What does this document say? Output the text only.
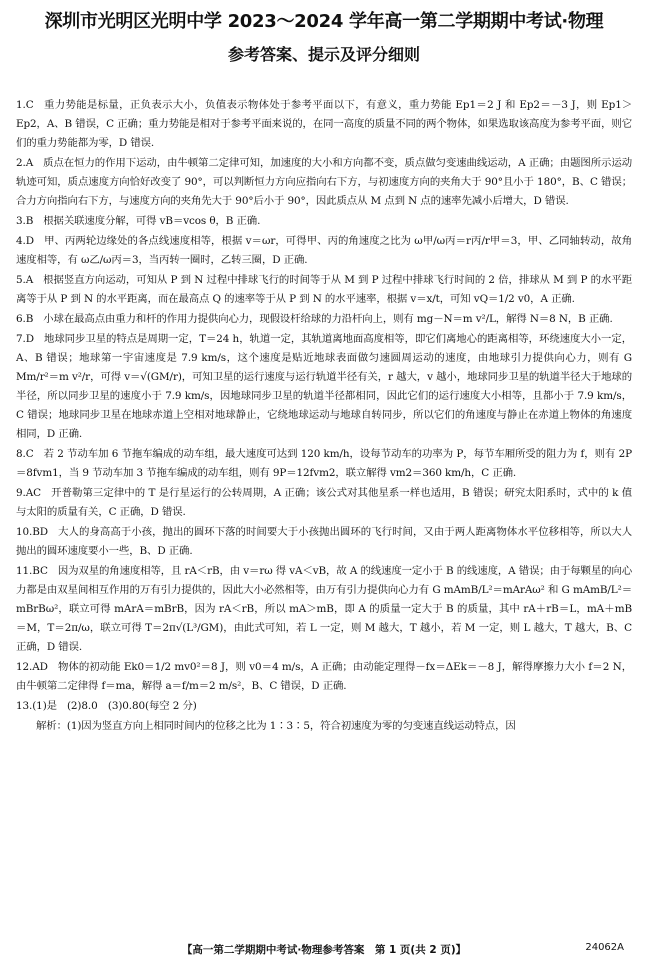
深圳市光明区光明中学 2023～2024 学年高一第二学期期中考试·物理
参考答案、提示及评分细则
1.C 重力势能是标量，正负表示大小，负值表示物体处于参考平面以下，有意义，重力势能 Ep1＝2 J 和 Ep2＝－3 J，则 Ep1＞Ep2，A、B 错误，C 正确；重力势能是相对于参考平面来说的，在同一高度的质量不同的两个物体，如果选取该高度为参考平面，则它们的重力势能都为零，D 错误.
2.A 质点在恒力的作用下运动，由牛顿第二定律可知，加速度的大小和方向都不变，质点做匀变速曲线运动，A 正确；由题图所示运动轨迹可知，质点速度方向恰好改变了 90°，可以判断恒力方向应指向右下方，与初速度方向的夹角大于 90°且小于 180°，B、C 错误；合力方向指向右下方，与速度方向的夹角先大于 90°后小于 90°，因此质点从 M 点到 N 点的速率先减小后增大，D 错误.
3.B 根据关联速度分解，可得 vB＝vcos θ，B 正确.
4.D 甲、丙两轮边缘处的各点线速度相等，根据 v＝ωr，可得甲、丙的角速度之比为 ω甲/ω丙＝r丙/r甲＝3，甲、乙同轴转动，故角速度相等，有 ω乙/ω丙＝3，当丙转一圈时，乙转三圈，D 正确.
5.A 根据竖直方向运动，可知从 P 到 N 过程中排球飞行的时间等于从 M 到 P 过程中排球飞行时间的 2 倍，排球从 M 到 P 的水平距离等于从 P 到 N 的水平距离，而在最高点 Q 的速率等于从 P 到 N 的水平速率，根据 v＝x/t，可知 vQ＝1/2 v0，A 正确.
6.B 小球在最高点由重力和杆的作用力提供向心力，现假设杆给球的力沿杆向上，则有 mg－N＝m v²/L，解得 N＝8 N，B 正确.
7.D 地球同步卫星的特点是周期一定，T＝24 h，轨道一定，其轨道离地面高度相等，即它们离地心的距离相等，环绕速度大小一定，A、B 错误；地球第一宇宙速度是 7.9 km/s，这个速度是贴近地球表面做匀速圆周运动的速度，由地球引力提供向心力，则有 G Mm/r²＝m v²/r，可得 v＝√(GM/r)，可知卫星的运行速度与运行轨道半径有关，r 越大，v 越小，地球同步卫星的轨道半径大于地球的半径，所以同步卫星的速度小于 7.9 km/s，因地球同步卫星的轨道半径都相同，因此它们的运行速度大小相等，且都小于 7.9 km/s，C 错误；地球同步卫星在地球赤道上空相对地球静止，它绕地球运动与地球自转同步，所以它们的角速度与静止在赤道上物体的角速度相同，D 正确.
8.C 若 2 节动车加 6 节拖车编成的动车组，最大速度可达到 120 km/h，设每节动车的功率为 P，每节车厢所受的阻力为 f，则有 2P＝8fvm1，当 9 节动车加 3 节拖车编成的动车组，则有 9P＝12fvm2，联立解得 vm2＝360 km/h，C 正确.
9.AC 开普勒第三定律中的 T 是行星运行的公转周期，A 正确；该公式对其他星系一样也适用，B 错误；研究太阳系时，式中的 k 值与太阳的质量有关，C 正确，D 错误.
10.BD 大人的身高高于小孩，抛出的圆环下落的时间要大于小孩抛出圆环的飞行时间，又由于两人距离物体水平位移相等，所以大人抛出的圆环速度要小一些，B、D 正确.
11.BC 因为双星的角速度相等，且 rA＜rB，由 v＝rω 得 vA＜vB，故 A 的线速度一定小于 B 的线速度，A 错误；由于每颗星的向心力都是由双星间相互作用的万有引力提供的，因此大小必然相等，由万有引力提供向心力有 G mAmB/L²＝mArAω² 和 G mAmB/L²＝mBrBω²，联立可得 mArA＝mBrB，因为 rA＜rB，所以 mA＞mB，即 A 的质量一定大于 B 的质量，其中 rA＋rB＝L，mA＋mB＝M，T＝2π/ω，联立可得 T＝2π√(L³/GM)，由此式可知，若 L 一定，则 M 越大，T 越小，若 M 一定，则 L 越大，T 越大，B、C 正确，D 错误.
12.AD 物体的初动能 Ek0＝1/2 mv0²＝8 J，则 v0＝4 m/s，A 正确；由动能定理得－fx＝ΔEk＝－8 J，解得摩擦力大小 f＝2 N，由牛顿第二定律得 f＝ma，解得 a＝f/m＝2 m/s²，B、C 错误，D 正确.
13.(1)是 (2)8.0　(3)0.80(每空 2 分)
解析：(1)因为竖直方向上相同时间内的位移之比为 1∶3∶5，符合初速度为零的匀变速直线运动特点，因
【高一第二学期期中考试·物理参考答案　第 1 页(共 2 页)】	24062A
